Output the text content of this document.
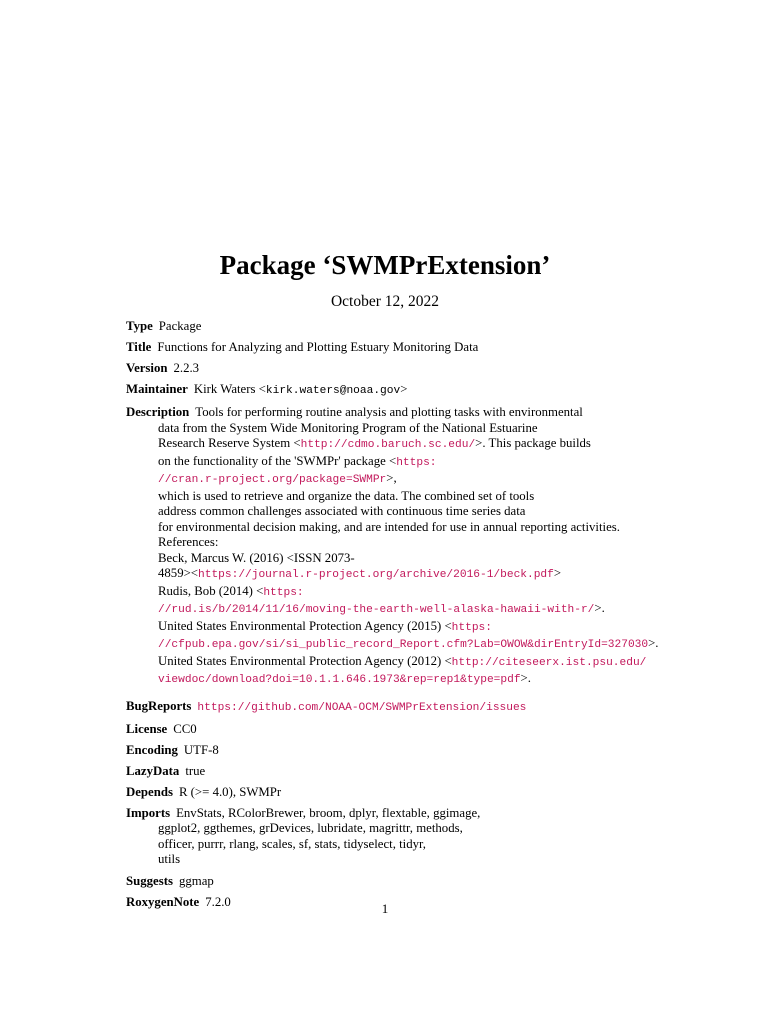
Package ‘SWMPrExtension’
October 12, 2022
Type Package
Title Functions for Analyzing and Plotting Estuary Monitoring Data
Version 2.2.3
Maintainer Kirk Waters <kirk.waters@noaa.gov>
Description Tools for performing routine analysis and plotting tasks with environmental
data from the System Wide Monitoring Program of the National Estuarine
Research Reserve System <http://cdmo.baruch.sc.edu/>. This package builds
on the functionality of the 'SWMPr' package <https:
//cran.r-project.org/package=SWMPr>,
which is used to retrieve and organize the data. The combined set of tools
address common challenges associated with continuous time series data
for environmental decision making, and are intended for use in annual reporting activities.
References:
Beck, Marcus W. (2016) <ISSN 2073-
4859><https://journal.r-project.org/archive/2016-1/beck.pdf>
Rudis, Bob (2014) <https:
//rud.is/b/2014/11/16/moving-the-earth-well-alaska-hawaii-with-r/>.
United States Environmental Protection Agency (2015) <https:
//cfpub.epa.gov/si/si_public_record_Report.cfm?Lab=OWOW&dirEntryId=327030>.
United States Environmental Protection Agency (2012) <http://citeseerx.ist.psu.edu/
viewdoc/download?doi=10.1.1.646.1973&rep=rep1&type=pdf>.
BugReports https://github.com/NOAA-OCM/SWMPrExtension/issues
License CC0
Encoding UTF-8
LazyData true
Depends R (>= 4.0), SWMPr
Imports EnvStats, RColorBrewer, broom, dplyr, flextable, ggimage,
ggplot2, ggthemes, grDevices, lubridate, magrittr, methods,
officer, purrr, rlang, scales, sf, stats, tidyselect, tidyr,
utils
Suggests ggmap
RoxygenNote 7.2.0	1
